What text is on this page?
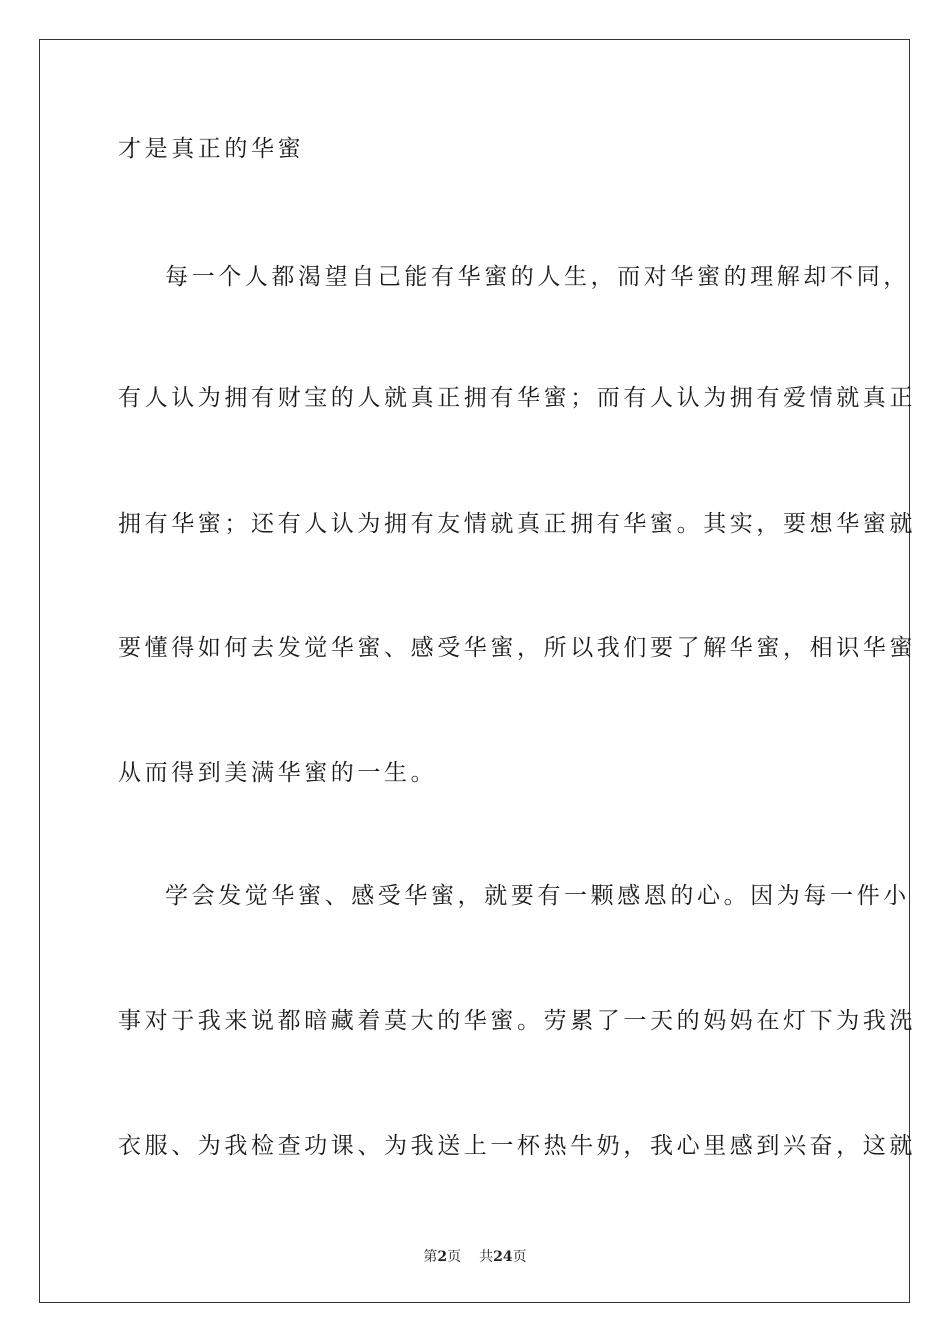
才是真正的华蜜
每一个人都渴望自己能有华蜜的人生，而对华蜜的理解却不同，
有人认为拥有财宝的人就真正拥有华蜜；而有人认为拥有爱情就真正
拥有华蜜；还有人认为拥有友情就真正拥有华蜜。其实，要想华蜜就
要懂得如何去发觉华蜜、感受华蜜，所以我们要了解华蜜，相识华蜜
从而得到美满华蜜的一生。
学会发觉华蜜、感受华蜜，就要有一颗感恩的心。因为每一件小
事对于我来说都暗藏着莫大的华蜜。劳累了一天的妈妈在灯下为我洗
衣服、为我检查功课、为我送上一杯热牛奶，我心里感到兴奋，这就
第2页 共24页
